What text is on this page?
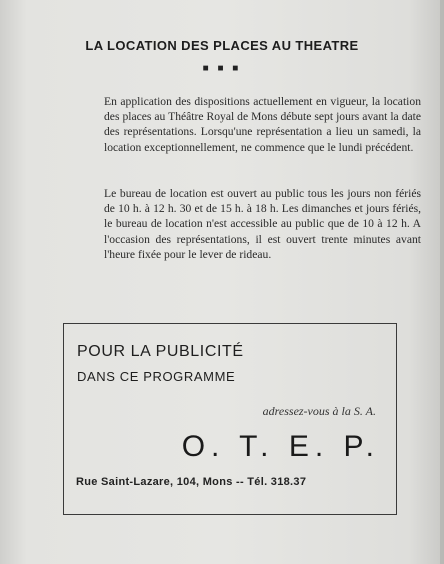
LA LOCATION DES PLACES AU THEATRE
■ ■ ■
En application des dispositions actuellement en vigueur, la location des places au Théâtre Royal de Mons débute sept jours avant la date des représentations. Lorsqu'une représentation a lieu un samedi, la location exceptionnellement, ne commence que le lundi précédent.
Le bureau de location est ouvert au public tous les jours non fériés de 10 h. à 12 h. 30 et de 15 h. à 18 h. Les dimanches et jours fériés, le bureau de location n'est accessible au public que de 10 à 12 h. A l'occasion des représentations, il est ouvert trente minutes avant l'heure fixée pour le lever de rideau.
POUR LA PUBLICITÉ
DANS CE PROGRAMME
adressez-vous à la S. A.
O. T. E. P.
Rue Saint-Lazare, 104, Mons -- Tél. 318.37
